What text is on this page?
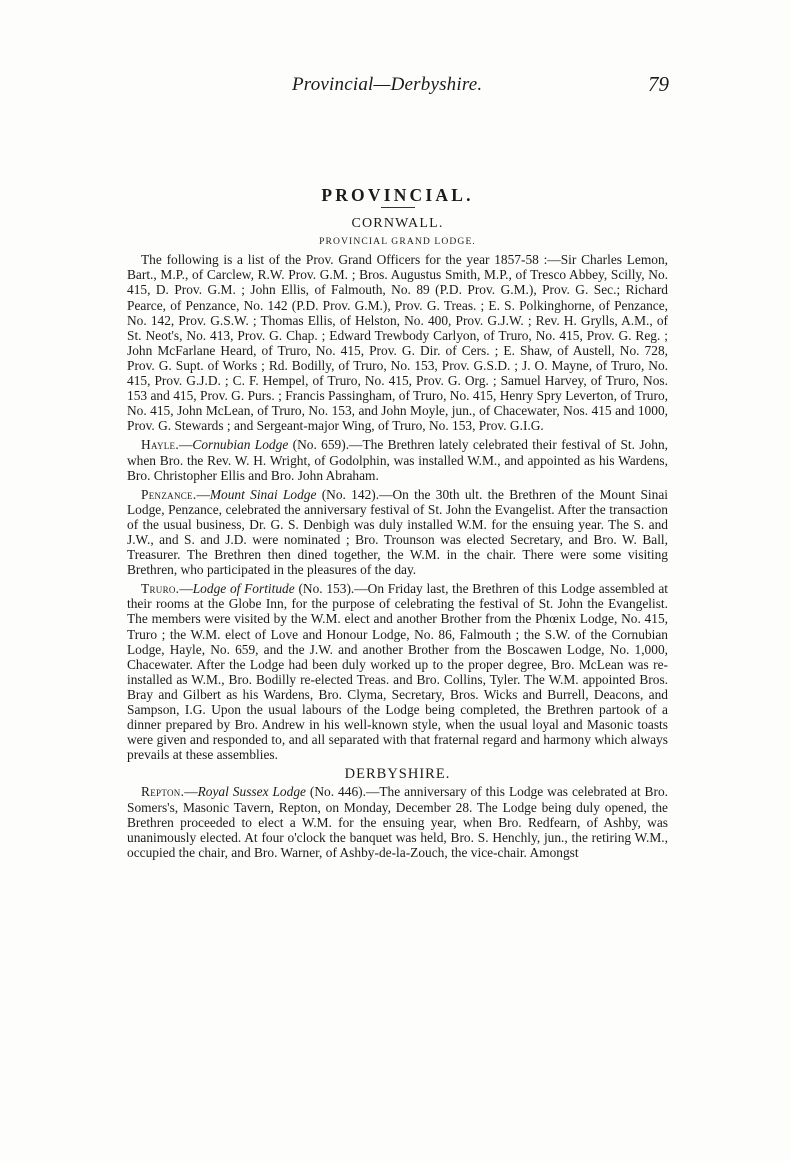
Provincial—Derbyshire.	79
PROVINCIAL.
CORNWALL.
PROVINCIAL GRAND LODGE.

The following is a list of the Prov. Grand Officers for the year 1857-58 :—Sir Charles Lemon, Bart., M.P., of Carclew, R.W. Prov. G.M. ; Bros. Augustus Smith, M.P., of Tresco Abbey, Scilly, No. 415, D. Prov. G.M. ; John Ellis, of Falmouth, No. 89 (P.D. Prov. G.M.), Prov. G. Sec.; Richard Pearce, of Penzance, No. 142 (P.D. Prov. G.M.), Prov. G. Treas. ; E. S. Polkinghorne, of Penzance, No. 142, Prov. G.S.W. ; Thomas Ellis, of Helston, No. 400, Prov. G.J.W. ; Rev. H. Grylls, A.M., of St. Neot's, No. 413, Prov. G. Chap. ; Edward Trewbody Carlyon, of Truro, No. 415, Prov. G. Reg. ; John McFarlane Heard, of Truro, No. 415, Prov. G. Dir. of Cers. ; E. Shaw, of Austell, No. 728, Prov. G. Supt. of Works ; Rd. Bodilly, of Truro, No. 153, Prov. G.S.D. ; J. O. Mayne, of Truro, No. 415, Prov. G.J.D. ; C. F. Hempel, of Truro, No. 415, Prov. G. Org. ; Samuel Harvey, of Truro, Nos. 153 and 415, Prov. G. Purs. ; Francis Passingham, of Truro, No. 415, Henry Spry Leverton, of Truro, No. 415, John McLean, of Truro, No. 153, and John Moyle, jun., of Chacewater, Nos. 415 and 1000, Prov. G. Stewards ; and Sergeant-major Wing, of Truro, No. 153, Prov. G.I.G.

Hayle.—Cornubian Lodge (No. 659).—The Brethren lately celebrated their festival of St. John, when Bro. the Rev. W. H. Wright, of Godolphin, was installed W.M., and appointed as his Wardens, Bro. Christopher Ellis and Bro. John Abraham.

Penzance.—Mount Sinai Lodge (No. 142).—On the 30th ult. the Brethren of the Mount Sinai Lodge, Penzance, celebrated the anniversary festival of St. John the Evangelist. After the transaction of the usual business, Dr. G. S. Denbigh was duly installed W.M. for the ensuing year. The S. and J.W., and S. and J.D. were nominated ; Bro. Trounson was elected Secretary, and Bro. W. Ball, Treasurer. The Brethren then dined together, the W.M. in the chair. There were some visiting Brethren, who participated in the pleasures of the day.

Truro.—Lodge of Fortitude (No. 153).—On Friday last, the Brethren of this Lodge assembled at their rooms at the Globe Inn, for the purpose of celebrating the festival of St. John the Evangelist. The members were visited by the W.M. elect and another Brother from the Phœnix Lodge, No. 415, Truro ; the W.M. elect of Love and Honour Lodge, No. 86, Falmouth ; the S.W. of the Cornubian Lodge, Hayle, No. 659, and the J.W. and another Brother from the Boscawen Lodge, No. 1,000, Chacewater. After the Lodge had been duly worked up to the proper degree, Bro. McLean was re-installed as W.M., Bro. Bodilly re-elected Treas. and Bro. Collins, Tyler. The W.M. appointed Bros. Bray and Gilbert as his Wardens, Bro. Clyma, Secretary, Bros. Wicks and Burrell, Deacons, and Sampson, I.G. Upon the usual labours of the Lodge being completed, the Brethren partook of a dinner prepared by Bro. Andrew in his well-known style, when the usual loyal and Masonic toasts were given and responded to, and all separated with that fraternal regard and harmony which always prevails at these assemblies.

DERBYSHIRE.

Repton.—Royal Sussex Lodge (No. 446).—The anniversary of this Lodge was celebrated at Bro. Somers's, Masonic Tavern, Repton, on Monday, December 28. The Lodge being duly opened, the Brethren proceeded to elect a W.M. for the ensuing year, when Bro. Redfearn, of Ashby, was unanimously elected. At four o'clock the banquet was held, Bro. S. Henchly, jun., the retiring W.M., occupied the chair, and Bro. Warner, of Ashby-de-la-Zouch, the vice-chair. Amongst
